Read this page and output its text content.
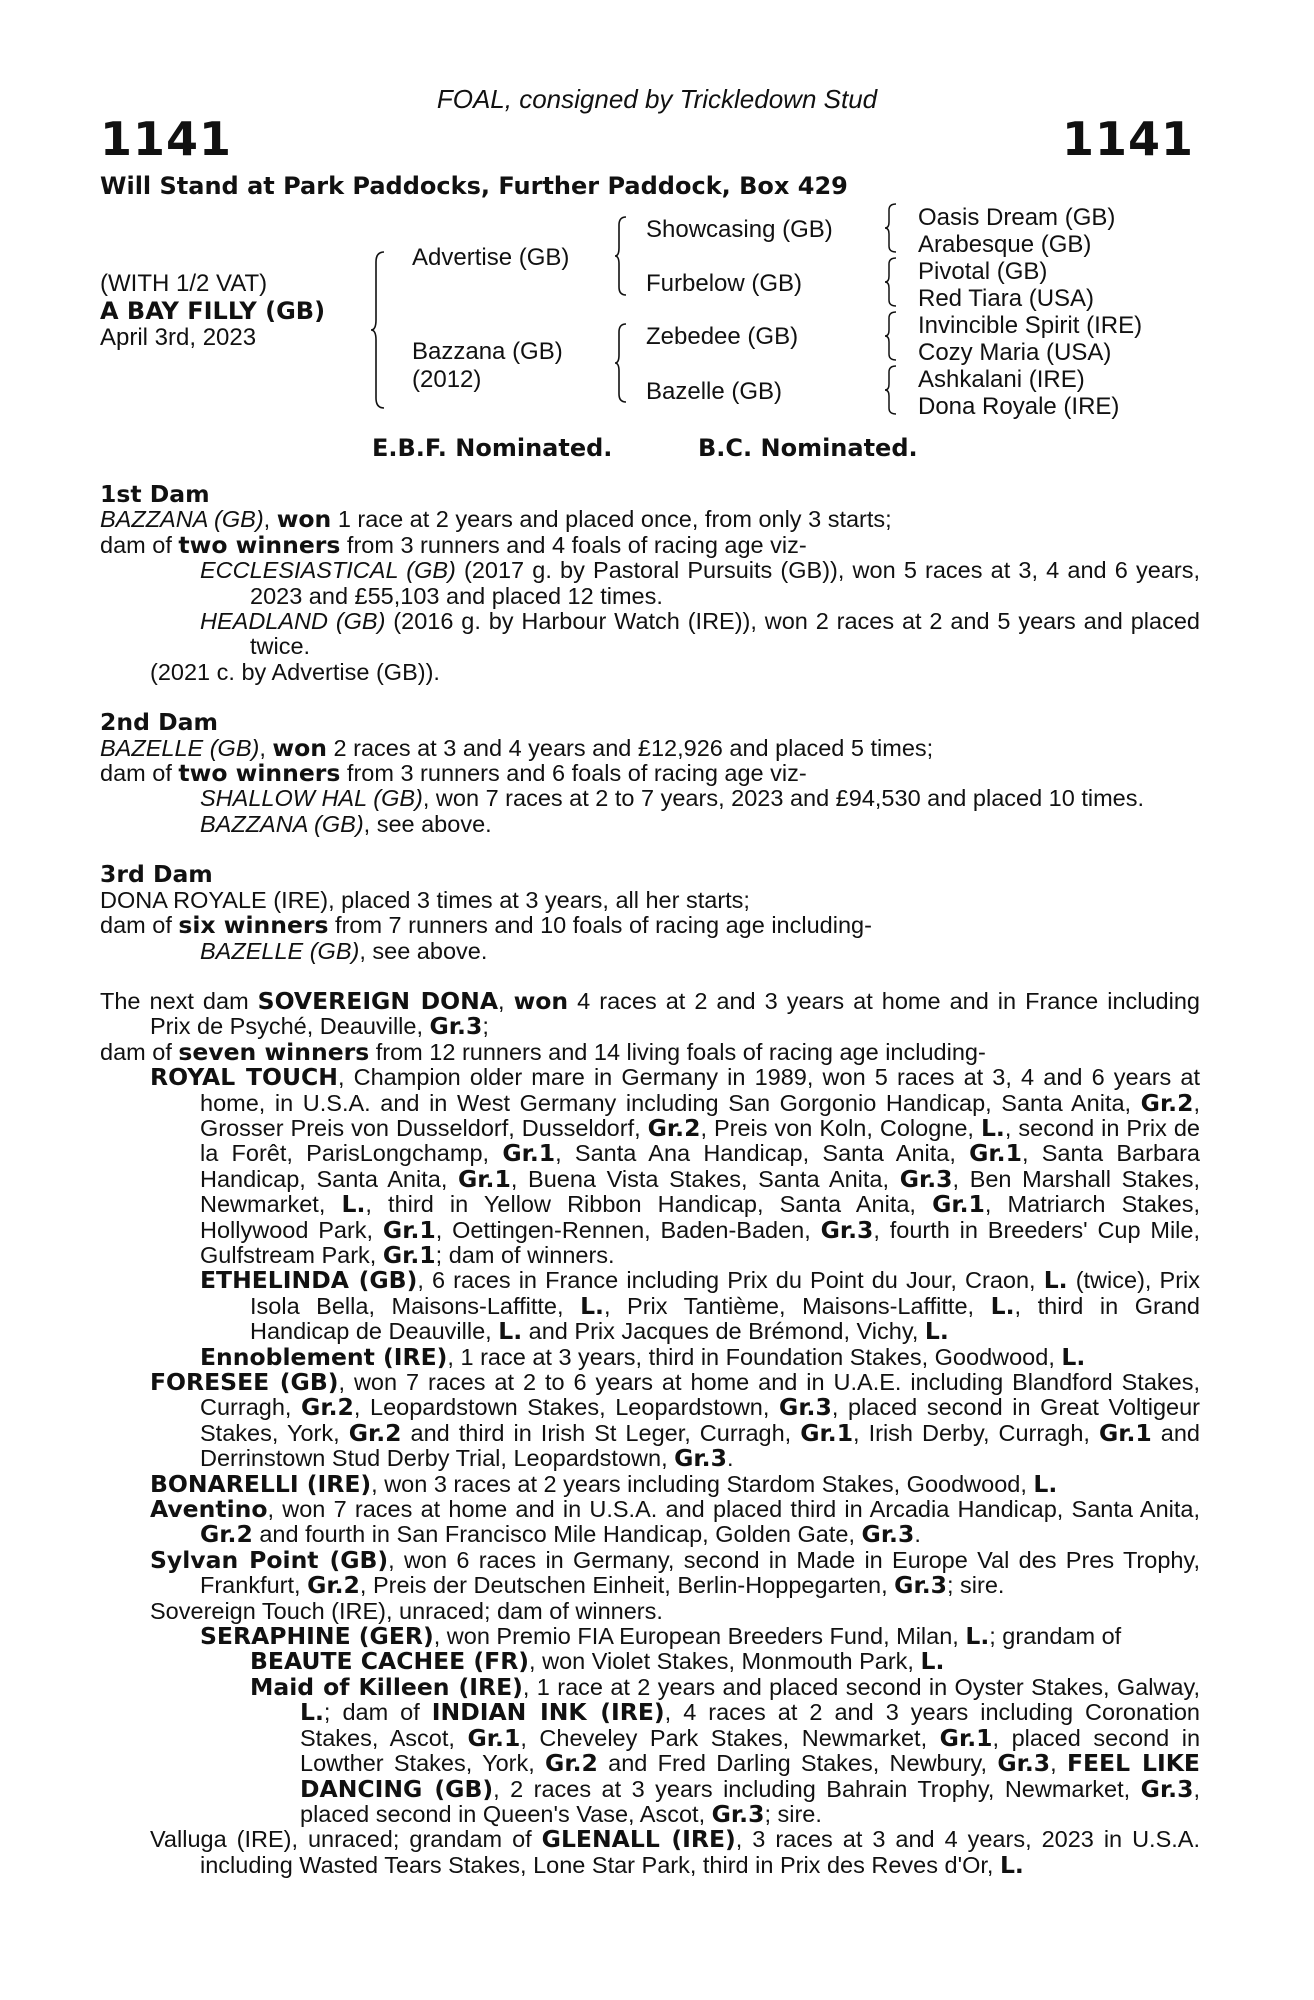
FOAL, consigned by Trickledown Stud
1141	1141
Will Stand at Park Paddocks, Further Paddock, Box 429
(WITH 1/2 VAT)
A BAY FILLY (GB)
April 3rd, 2023
Advertise (GB)
Bazzana (GB)
(2012)
Showcasing (GB)
Furbelow (GB)
Zebedee (GB)
Bazelle (GB)
Oasis Dream (GB)
Arabesque (GB)
Pivotal (GB)
Red Tiara (USA)
Invincible Spirit (IRE)
Cozy Maria (USA)
Ashkalani (IRE)
Dona Royale (IRE)
E.B.F. Nominated.	B.C. Nominated.
1st Dam
BAZZANA (GB), won 1 race at 2 years and placed once, from only 3 starts;
dam of two winners from 3 runners and 4 foals of racing age viz-
ECCLESIASTICAL (GB) (2017 g. by Pastoral Pursuits (GB)), won 5 races at 3, 4 and 6 years, 2023 and £55,103 and placed 12 times.
HEADLAND (GB) (2016 g. by Harbour Watch (IRE)), won 2 races at 2 and 5 years and placed twice.
(2021 c. by Advertise (GB)).
2nd Dam
BAZELLE (GB), won 2 races at 3 and 4 years and £12,926 and placed 5 times;
dam of two winners from 3 runners and 6 foals of racing age viz-
SHALLOW HAL (GB), won 7 races at 2 to 7 years, 2023 and £94,530 and placed 10 times.
BAZZANA (GB), see above.
3rd Dam
DONA ROYALE (IRE), placed 3 times at 3 years, all her starts;
dam of six winners from 7 runners and 10 foals of racing age including-
BAZELLE (GB), see above.
The next dam SOVEREIGN DONA, won 4 races at 2 and 3 years at home and in France including Prix de Psyché, Deauville, Gr.3;
dam of seven winners from 12 runners and 14 living foals of racing age including-
ROYAL TOUCH, Champion older mare in Germany in 1989, won 5 races at 3, 4 and 6 years at home, in U.S.A. and in West Germany including San Gorgonio Handicap, Santa Anita, Gr.2, Grosser Preis von Dusseldorf, Dusseldorf, Gr.2, Preis von Koln, Cologne, L., second in Prix de la Forêt, ParisLongchamp, Gr.1, Santa Ana Handicap, Santa Anita, Gr.1, Santa Barbara Handicap, Santa Anita, Gr.1, Buena Vista Stakes, Santa Anita, Gr.3, Ben Marshall Stakes, Newmarket, L., third in Yellow Ribbon Handicap, Santa Anita, Gr.1, Matriarch Stakes, Hollywood Park, Gr.1, Oettingen-Rennen, Baden-Baden, Gr.3, fourth in Breeders' Cup Mile, Gulfstream Park, Gr.1; dam of winners.
ETHELINDA (GB), 6 races in France including Prix du Point du Jour, Craon, L. (twice), Prix Isola Bella, Maisons-Laffitte, L., Prix Tantième, Maisons-Laffitte, L., third in Grand Handicap de Deauville, L. and Prix Jacques de Brémond, Vichy, L.
Ennoblement (IRE), 1 race at 3 years, third in Foundation Stakes, Goodwood, L.
FORESEE (GB), won 7 races at 2 to 6 years at home and in U.A.E. including Blandford Stakes, Curragh, Gr.2, Leopardstown Stakes, Leopardstown, Gr.3, placed second in Great Voltigeur Stakes, York, Gr.2 and third in Irish St Leger, Curragh, Gr.1, Irish Derby, Curragh, Gr.1 and Derrinstown Stud Derby Trial, Leopardstown, Gr.3.
BONARELLI (IRE), won 3 races at 2 years including Stardom Stakes, Goodwood, L.
Aventino, won 7 races at home and in U.S.A. and placed third in Arcadia Handicap, Santa Anita, Gr.2 and fourth in San Francisco Mile Handicap, Golden Gate, Gr.3.
Sylvan Point (GB), won 6 races in Germany, second in Made in Europe Val des Pres Trophy, Frankfurt, Gr.2, Preis der Deutschen Einheit, Berlin-Hoppegarten, Gr.3; sire.
Sovereign Touch (IRE), unraced; dam of winners.
SERAPHINE (GER), won Premio FIA European Breeders Fund, Milan, L.; grandam of
BEAUTE CACHEE (FR), won Violet Stakes, Monmouth Park, L.
Maid of Killeen (IRE), 1 race at 2 years and placed second in Oyster Stakes, Galway, L.; dam of INDIAN INK (IRE), 4 races at 2 and 3 years including Coronation Stakes, Ascot, Gr.1, Cheveley Park Stakes, Newmarket, Gr.1, placed second in Lowther Stakes, York, Gr.2 and Fred Darling Stakes, Newbury, Gr.3, FEEL LIKE DANCING (GB), 2 races at 3 years including Bahrain Trophy, Newmarket, Gr.3, placed second in Queen's Vase, Ascot, Gr.3; sire.
Valluga (IRE), unraced; grandam of GLENALL (IRE), 3 races at 3 and 4 years, 2023 in U.S.A. including Wasted Tears Stakes, Lone Star Park, third in Prix des Reves d'Or, L.
